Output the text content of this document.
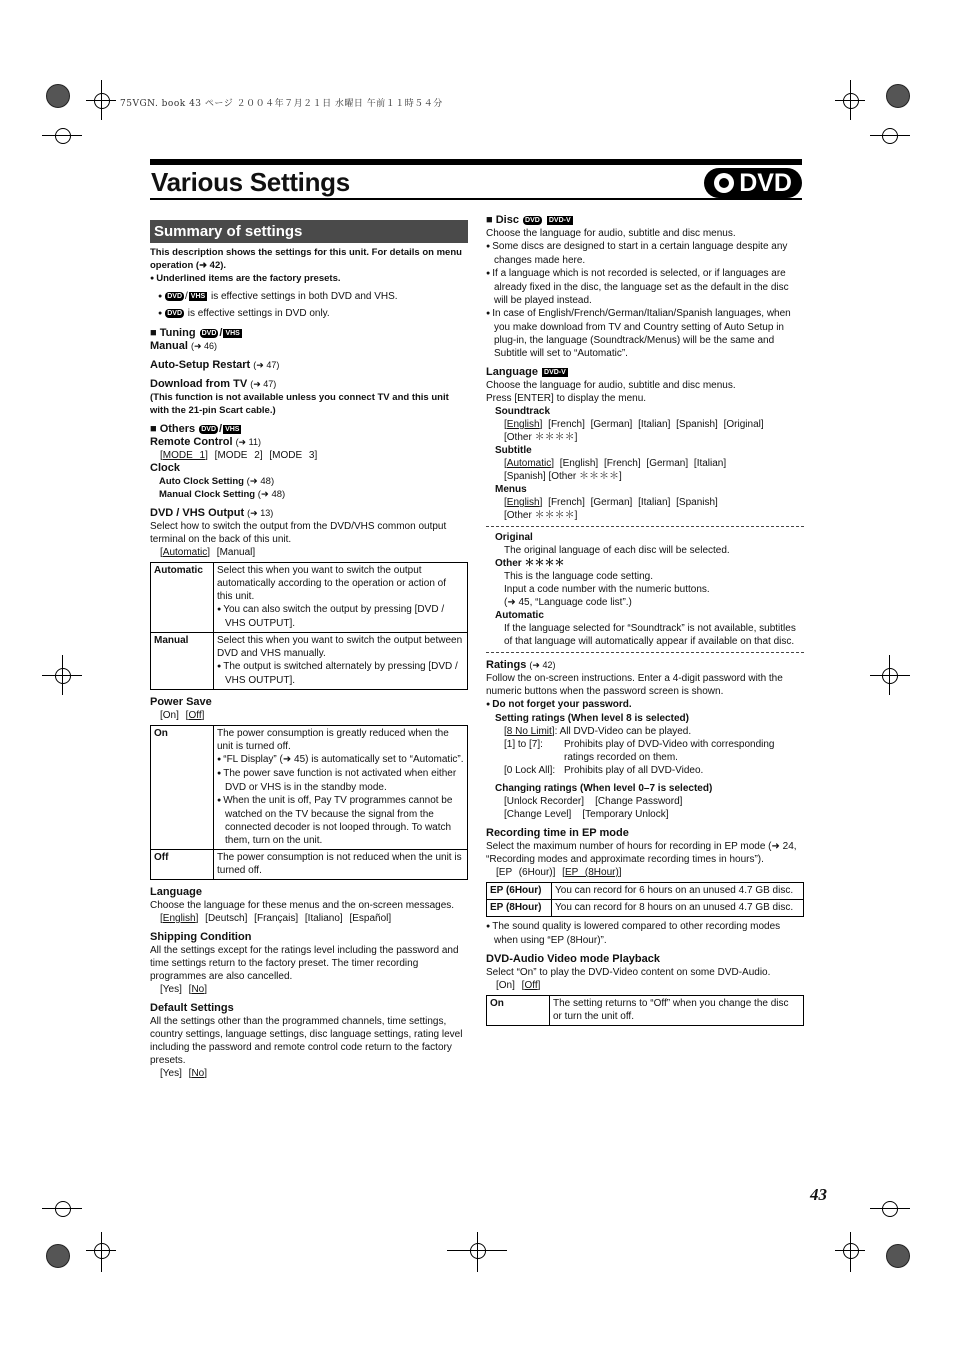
75VGN. book 43 ページ ２００４年７月２１日 水曜日 午前１１時５４分
Various Settings	DVD
Summary of settings

This description shows the settings for this unit. For details on menu operation (➜ 42).

● Underlined items are the factory presets.

● DVD / VHS is effective settings in both DVD and VHS.

● DVD is effective settings in DVD only.

■ Tuning DVD / VHS

Manual (➜ 46)

Auto-Setup Restart (➜ 47)

Download from TV (➜ 47)

(This function is not available unless you connect TV and this unit with the 21-pin Scart cable.)

■ Others DVD / VHS

Remote Control (➜ 11)

[MODE 1] [MODE 2] [MODE 3]

Clock

Auto Clock Setting (➜ 48)

Manual Clock Setting (➜ 48)

DVD / VHS Output (➜ 13)

Select how to switch the output from the DVD/VHS common output terminal on the back of this unit.

[Automatic] [Manual]

Automatic	Select this when you want to switch the output automatically according to the operation or action of this unit.
● You can also switch the output by pressing [DVD / VHS OUTPUT].

Manual	Select this when you want to switch the output between DVD and VHS manually.
● The output is switched alternately by pressing [DVD / VHS OUTPUT].

Power Save

[On] [Off]

On	The power consumption is greatly reduced when the unit is turned off.
● “FL Display” (➜ 45) is automatically set to “Automatic”.
● The power save function is not activated when either DVD or VHS is in the standby mode.
● When the unit is off, Pay TV programmes cannot be watched on the TV because the signal from the connected decoder is not looped through. To watch them, turn on the unit.

Off	The power consumption is not reduced when the unit is turned off.

Language

Choose the language for these menus and the on-screen messages.

[English] [Deutsch] [Français] [Italiano] [Español]

Shipping Condition

All the settings except for the ratings level including the password and time settings return to the factory preset. The timer recording programmes are also cancelled.

[Yes] [No]

Default Settings

All the settings other than the programmed channels, time settings, country settings, language settings, disc language settings, rating level including the password and remote control code return to the factory presets.

[Yes] [No]

■ Disc DVD DVD-V

Choose the language for audio, subtitle and disc menus.

● Some discs are designed to start in a certain language despite any changes made here.

● If a language which is not recorded is selected, or if languages are already fixed in the disc, the language set as the default in the disc will be played instead.

● In case of English/French/German/Italian/Spanish languages, when you make download from TV and Country setting of Auto Setup in plug-in, the language (Soundtrack/Menus) will be the same and Subtitle will set to “Automatic”.

Language DVD-V

Choose the language for audio, subtitle and disc menus.

Press [ENTER] to display the menu.

Soundtrack

[English] [French] [German] [Italian] [Spanish] [Original]

[Other ＊＊＊＊]

Subtitle

[Automatic] [English] [French] [German] [Italian]

[Spanish] [Other ＊＊＊＊]

Menus

[English] [French] [German] [Italian] [Spanish]

[Other ＊＊＊＊]

Original

The original language of each disc will be selected.

Other ＊＊＊＊

This is the language code setting.

Input a code number with the numeric buttons.

(➜ 45, “Language code list”.)

Automatic

If the language selected for “Soundtrack” is not available, subtitles of that language will automatically appear if available on that disc.

Ratings (➜ 42)

Follow the on-screen instructions. Enter a 4-digit password with the numeric buttons when the password screen is shown.

● Do not forget your password.

Setting ratings (When level 8 is selected)

[8 No Limit]: All DVD-Video can be played.

[1] to [7]:	Prohibits play of DVD-Video with corresponding ratings recorded on them.
[0 Lock All]: Prohibits play of all DVD-Video.

Changing ratings (When level 0–7 is selected)

[Unlock Recorder]    [Change Password]

[Change Level]    [Temporary Unlock]

Recording time in EP mode

Select the maximum number of hours for recording in EP mode (➜ 24, “Recording modes and approximate recording times in hours”).

[EP (6Hour)] [EP (8Hour)]

EP (6Hour)	You can record for 6 hours on an unused 4.7 GB disc.
EP (8Hour)	You can record for 8 hours on an unused 4.7 GB disc.

● The sound quality is lowered compared to other recording modes when using “EP (8Hour)”.

DVD-Audio Video mode Playback

Select “On” to play the DVD-Video content on some DVD-Audio.

[On] [Off]

On	The setting returns to “Off” when you change the disc or turn the unit off.
43
